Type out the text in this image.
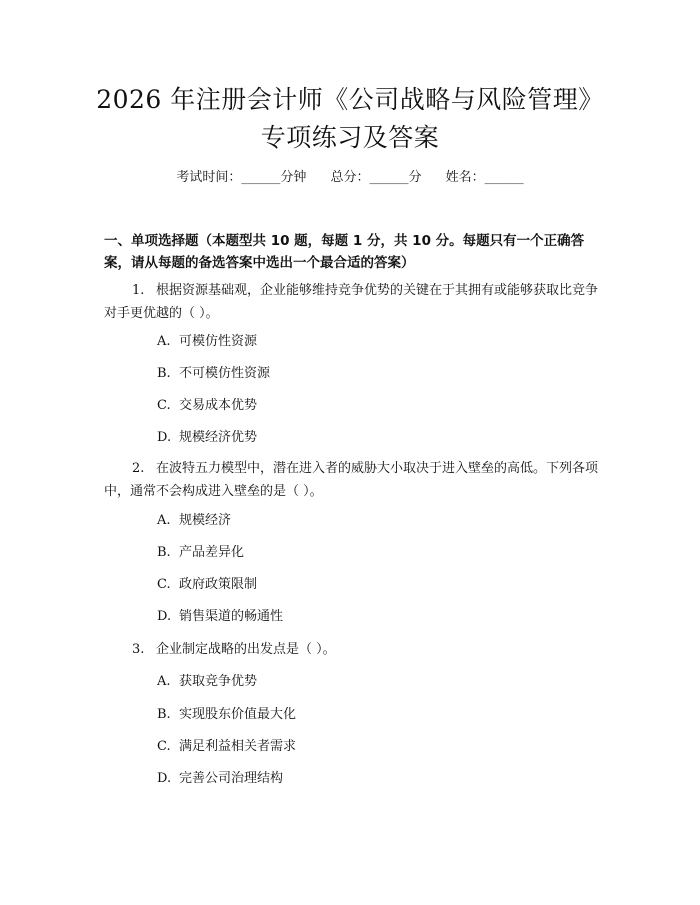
2026 年注册会计师《公司战略与风险管理》
专项练习及答案
考试时间：______分钟 总分：______分 姓名：______
一、单项选择题（本题型共 10 题，每题 1 分，共 10 分。每题只有一个正确答案，请从每题的备选答案中选出一个最合适的答案）
1. 根据资源基础观，企业能够维持竞争优势的关键在于其拥有或能够获取比竞争对手更优越的（ ）。
A. 可模仿性资源
B. 不可模仿性资源
C. 交易成本优势
D. 规模经济优势
2. 在波特五力模型中，潜在进入者的威胁大小取决于进入壁垒的高低。下列各项中，通常不会构成进入壁垒的是（ ）。
A. 规模经济
B. 产品差异化
C. 政府政策限制
D. 销售渠道的畅通性
3. 企业制定战略的出发点是（ ）。
A. 获取竞争优势
B. 实现股东价值最大化
C. 满足利益相关者需求
D. 完善公司治理结构
